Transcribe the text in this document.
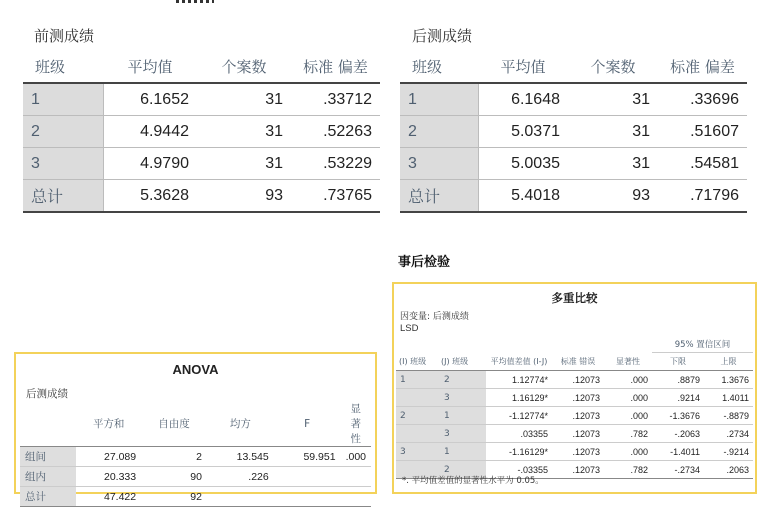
前测成绩
班级	平均值	个案数	标准 偏差
1	6.1652	31	.33712
2	4.9442	31	.52263
3	4.9790	31	.53229
总计	5.3628	93	.73765
后测成绩
班级	平均值	个案数	标准 偏差
1	6.1648	31	.33696
2	5.0371	31	.51607
3	5.0035	31	.54581
总计	5.4018	93	.71796
事后检验
ANOVA
后测成绩
	平方和	自由度	均方	F	显著性
组间	27.089	2	13.545	59.951	.000
组内	20.333	90	.226		
总计	47.422	92			
多重比较
因变量: 后测成绩
LSD
					95% 置信区间	
(I) 班级	(J) 班级	平均值差值 (I-J)	标准 错误	显著性	下限	上限
1	2	1.12774*	.12073	.000	.8879	1.3676
	3	1.16129*	.12073	.000	.9214	1.4011
2	1	-1.12774*	.12073	.000	-1.3676	-.8879
	3	.03355	.12073	.782	-.2063	.2734
3	1	-1.16129*	.12073	.000	-1.4011	-.9214
	2	-.03355	.12073	.782	-.2734	.2063
*. 平均值差值的显著性水平为 0.05。
